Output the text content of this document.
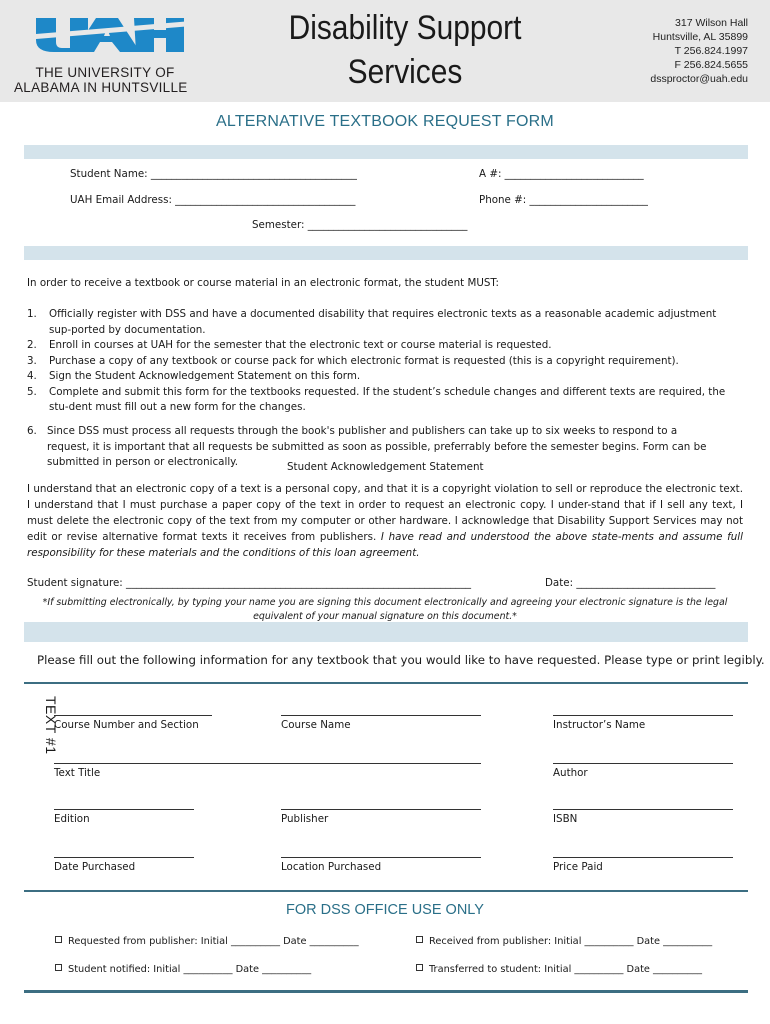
THE UNIVERSITY OF
ALABAMA IN HUNTSVILLE
Disability Support
Services
317 Wilson Hall
Huntsville, AL 35899
T 256.824.1997
F 256.824.5655
dssproctor@uah.edu
ALTERNATIVE TEXTBOOK REQUEST FORM
Student Name: ________________________________________	A #: ___________________________
UAH Email Address: ___________________________________	Phone #: _______________________
Semester: _______________________________
In order to receive a textbook or course material in an electronic format, the student MUST:
1. Officially register with DSS and have a documented disability that requires electronic texts as a reasonable academic adjustment sup-ported by documentation.
2. Enroll in courses at UAH for the semester that the electronic text or course material is requested.
3. Purchase a copy of any textbook or course pack for which electronic format is requested (this is a copyright requirement).
4. Sign the Student Acknowledgement Statement on this form.
5. Complete and submit this form for the textbooks requested. If the student’s schedule changes and different texts are required, the stu-dent must fill out a new form for the changes.
6. Since DSS must process all requests through the book's publisher and publishers can take up to six weeks to respond to a request, it is important that all requests be submitted as soon as possible, preferrably before the semester begins. Form can be submitted in person or electronically.	Student Acknowledgement Statement
I understand that an electronic copy of a text is a personal copy, and that it is a copyright violation to sell or reproduce the electronic text. I understand that I must purchase a paper copy of the text in order to request an electronic copy. I under-stand that if I sell any text, I must delete the electronic copy of the text from my computer or other hardware. I acknowledge that Disability Support Services may not edit or revise alternative format texts it receives from publishers. I have read and understood the above state-ments and assume full responsibility for these materials and the conditions of this loan agreement.
Student signature: ___________________________________________________________________	Date: ___________________________
*If submitting electronically, by typing your name you are signing this document electronically and agreeing your electronic signature is the legal equivalent of your manual signature on this document.*
Please fill out the following information for any textbook that you would like to have requested. Please type or print legibly.
TEXT #1
Course Number and Section	Course Name	Instructor’s Name
Text Title	Author
Edition	Publisher	ISBN
Date Purchased	Location Purchased	Price Paid
FOR DSS OFFICE USE ONLY
Requested from publisher: Initial __________ Date __________	Received from publisher: Initial __________ Date __________
Student notified: Initial __________ Date __________	Transferred to student: Initial __________ Date __________
